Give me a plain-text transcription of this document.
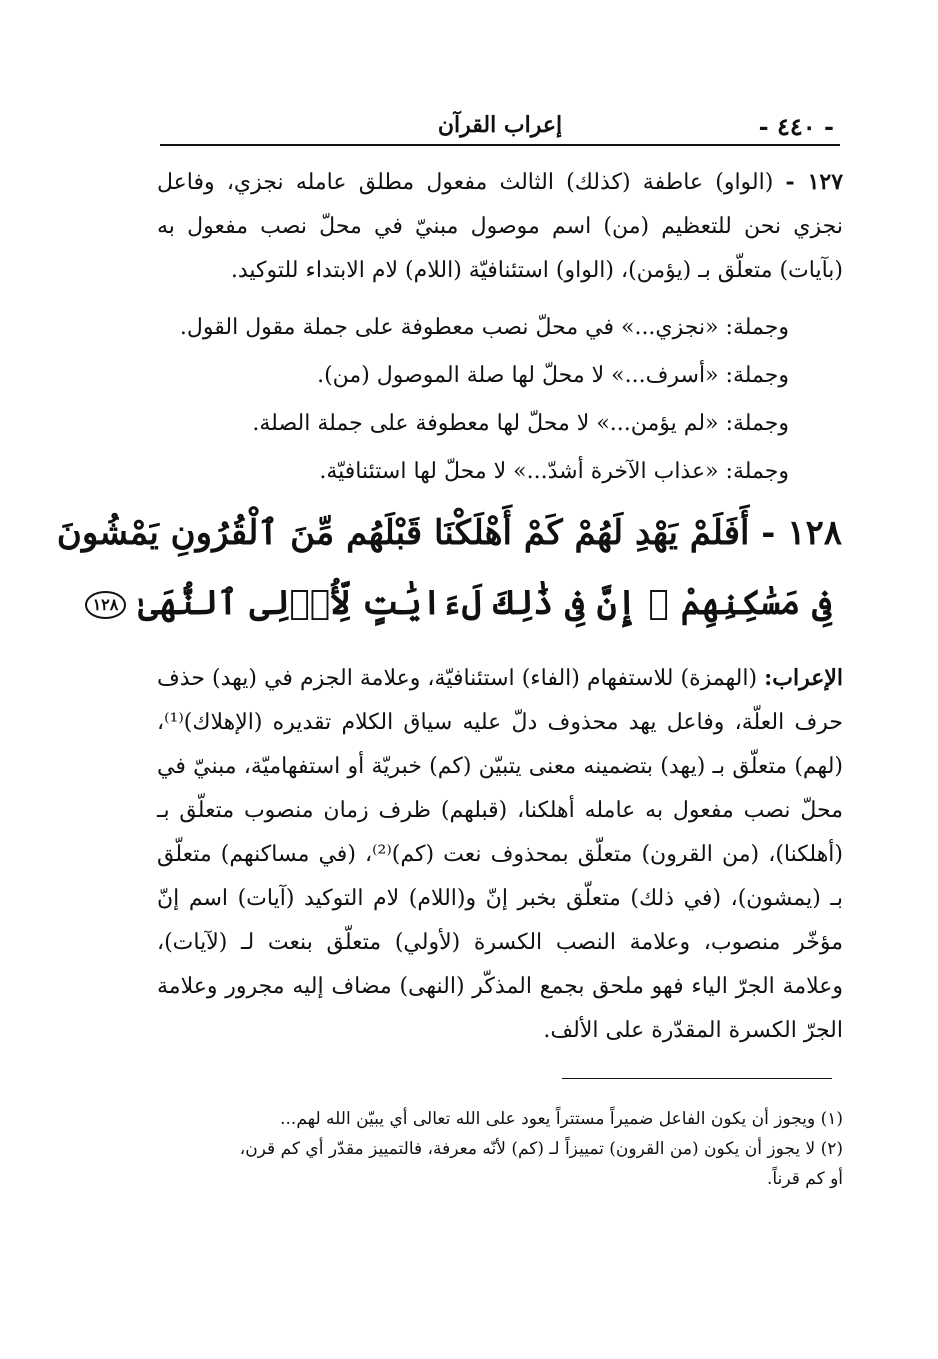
- ٤٤٠ -
إعراب القرآن
١٢٧ - (الواو) عاطفة (كذلك) الثالث مفعول مطلق عامله نجزي، وفاعل نجزي نحن للتعظيم (من) اسم موصول مبنيّ في محلّ نصب مفعول به (بآيات) متعلّق بـ (يؤمن)، (الواو) استئنافيّة (اللام) لام الابتداء للتوكيد.
وجملة: «نجزي...» في محلّ نصب معطوفة على جملة مقول القول.
وجملة: «أسرف...» لا محلّ لها صلة الموصول (من).
وجملة: «لم يؤمن...» لا محلّ لها معطوفة على جملة الصلة.
وجملة: «عذاب الآخرة أشدّ...» لا محلّ لها استئنافيّة.
١٢٨ - أَفَلَمْ يَهْدِ لَهُمْ كَمْ أَهْلَكْنَا قَبْلَهُم مِّنَ ٱلْقُرُونِ يَمْشُونَ
فِى مَسَٰكِنِهِمْ ۗ إِنَّ فِى ذَٰلِكَ لَءَايَٰتٍ لِّأُو۟لِى ٱلنُّهَىٰ ١٢٨
الإعراب: (الهمزة) للاستفهام (الفاء) استئنافيّة، وعلامة الجزم في (يهد) حذف حرف العلّة، وفاعل يهد محذوف دلّ عليه سياق الكلام تقديره (الإهلاك)⁽¹⁾، (لهم) متعلّق بـ (يهد) بتضمينه معنى يتبيّن (كم) خبريّة أو استفهاميّة، مبنيّ في محلّ نصب مفعول به عامله أهلكنا، (قبلهم) ظرف زمان منصوب متعلّق بـ (أهلكنا)، (من القرون) متعلّق بمحذوف نعت (كم)⁽²⁾، (في مساكنهم) متعلّق بـ (يمشون)، (في ذلك) متعلّق بخبر إنّ و(اللام) لام التوكيد (آيات) اسم إنّ مؤخّر منصوب، وعلامة النصب الكسرة (لأولي) متعلّق بنعت لـ (لآيات)، وعلامة الجرّ الياء فهو ملحق بجمع المذكّر (النهى) مضاف إليه مجرور وعلامة الجرّ الكسرة المقدّرة على الألف.
(١) ويجوز أن يكون الفاعل ضميراً مستتراً يعود على الله تعالى أي يبيّن الله لهم...
(٢) لا يجوز أن يكون (من القرون) تمييزاً لـ (كم) لأنّه معرفة، فالتمييز مقدّر أي كم قرن،
أو كم قرناً.
